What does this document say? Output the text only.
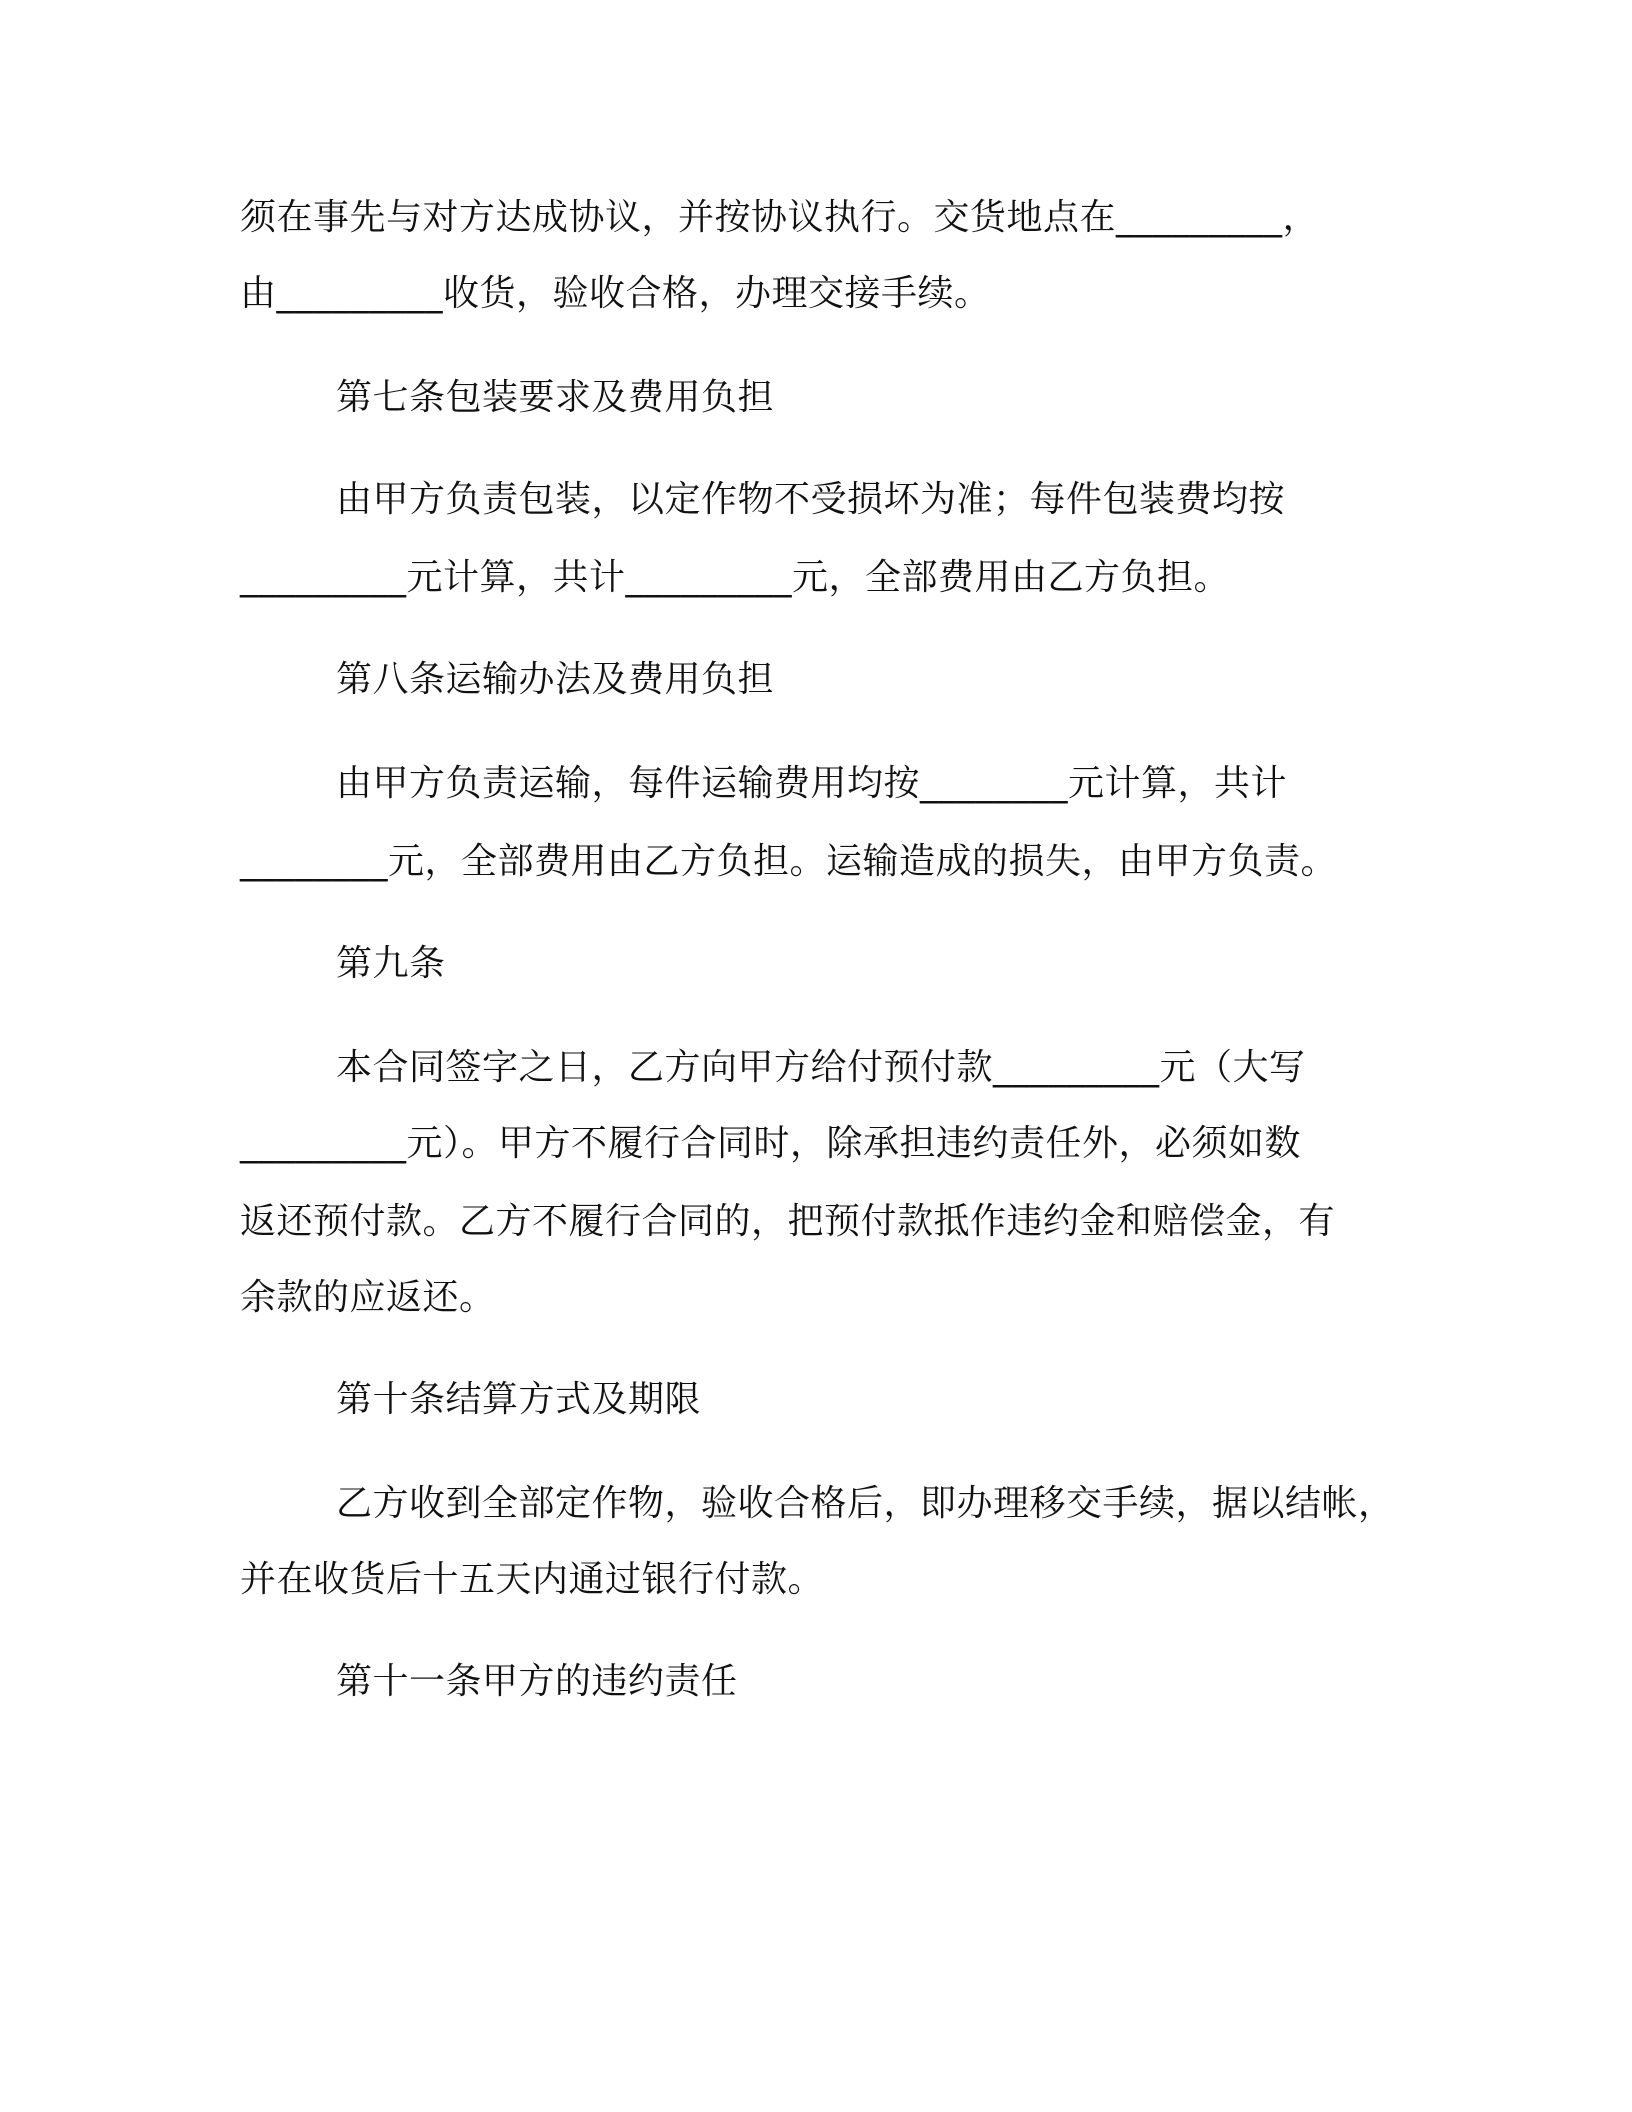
须在事先与对方达成协议，并按协议执行。交货地点在_________，
由_________收货，验收合格，办理交接手续。
第七条包装要求及费用负担
由甲方负责包装，以定作物不受损坏为准；每件包装费均按
_________元计算，共计_________元，全部费用由乙方负担。
第八条运输办法及费用负担
由甲方负责运输，每件运输费用均按________元计算，共计
________元，全部费用由乙方负担。运输造成的损失，由甲方负责。
第九条
本合同签字之日，乙方向甲方给付预付款_________元（大写
_________元）。甲方不履行合同时，除承担违约责任外，必须如数
返还预付款。乙方不履行合同的，把预付款抵作违约金和赔偿金，有
余款的应返还。
第十条结算方式及期限
乙方收到全部定作物，验收合格后，即办理移交手续，据以结帐，
并在收货后十五天内通过银行付款。
第十一条甲方的违约责任
